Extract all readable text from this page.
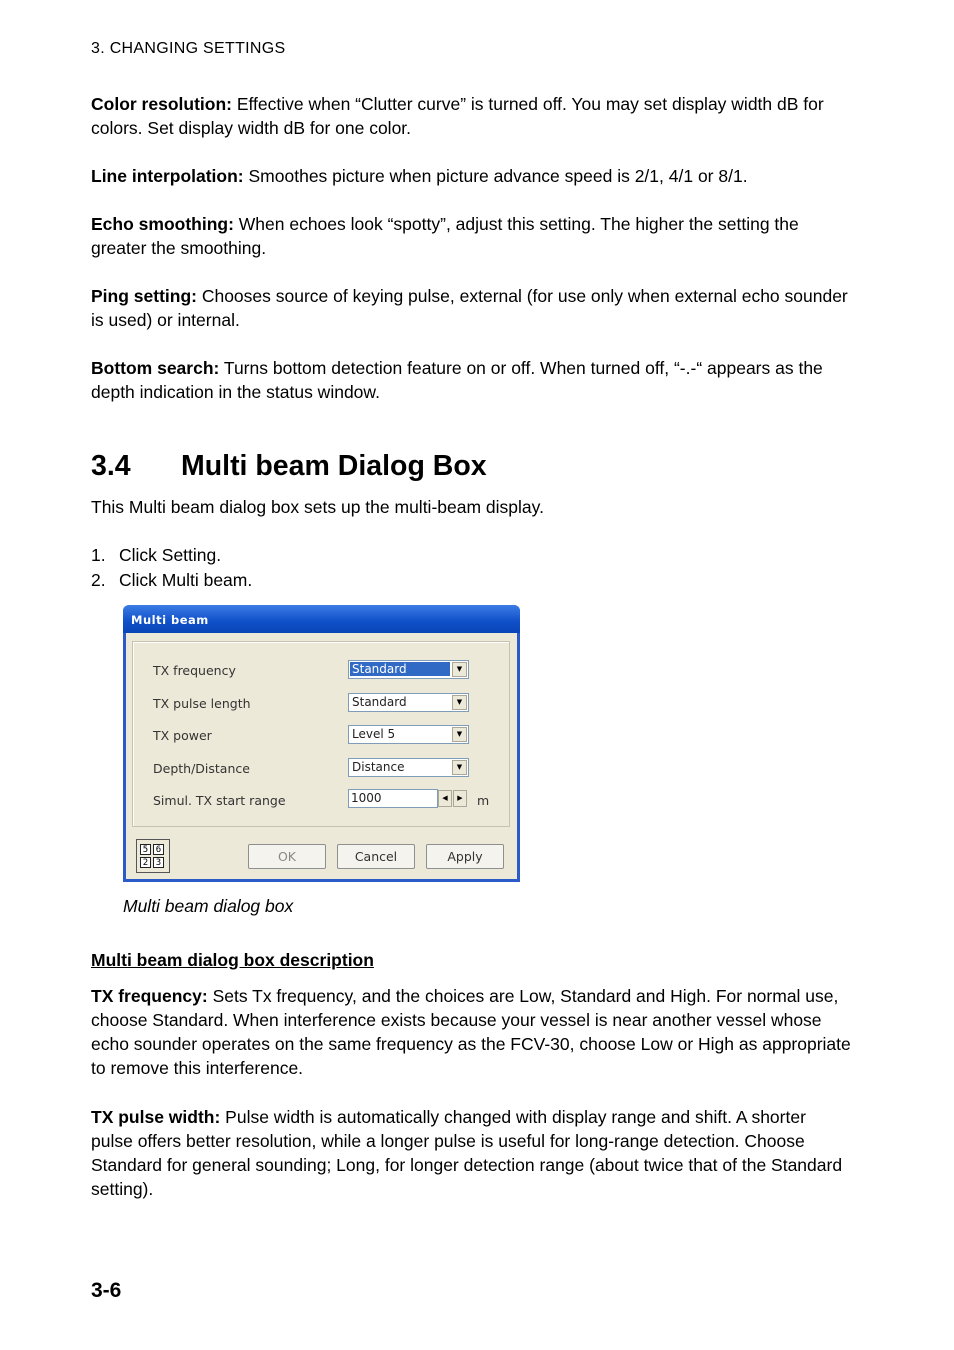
3. CHANGING SETTINGS

Color resolution: Effective when “Clutter curve” is turned off. You may set display width dB for colors. Set display width dB for one color.

Line interpolation: Smoothes picture when picture advance speed is 2/1, 4/1 or 8/1.

Echo smoothing: When echoes look “spotty”, adjust this setting. The higher the setting the greater the smoothing.

Ping setting: Chooses source of keying pulse, external (for use only when external echo sounder is used) or internal.

Bottom search: Turns bottom detection feature on or off. When turned off, “-.-“ appears as the depth indication in the status window.

3.4 Multi beam Dialog Box

This Multi beam dialog box sets up the multi-beam display.

1. Click Setting.
2. Click Multi beam.
Multi beam
TX frequency	Standard	▼
TX pulse length	Standard	▼
TX power	Level 5	▼
Depth/Distance	Distance	▼
Simul. TX start range	1000	◀	▶	m
5 6
2 3	OK	Cancel	Apply
Multi beam dialog box
Multi beam dialog box description

TX frequency: Sets Tx frequency, and the choices are Low, Standard and High. For normal use, choose Standard. When interference exists because your vessel is near another vessel whose echo sounder operates on the same frequency as the FCV-30, choose Low or High as appropriate to remove this interference.

TX pulse width: Pulse width is automatically changed with display range and shift. A shorter pulse offers better resolution, while a longer pulse is useful for long-range detection. Choose Standard for general sounding; Long, for longer detection range (about twice that of the Standard setting).

3-6
